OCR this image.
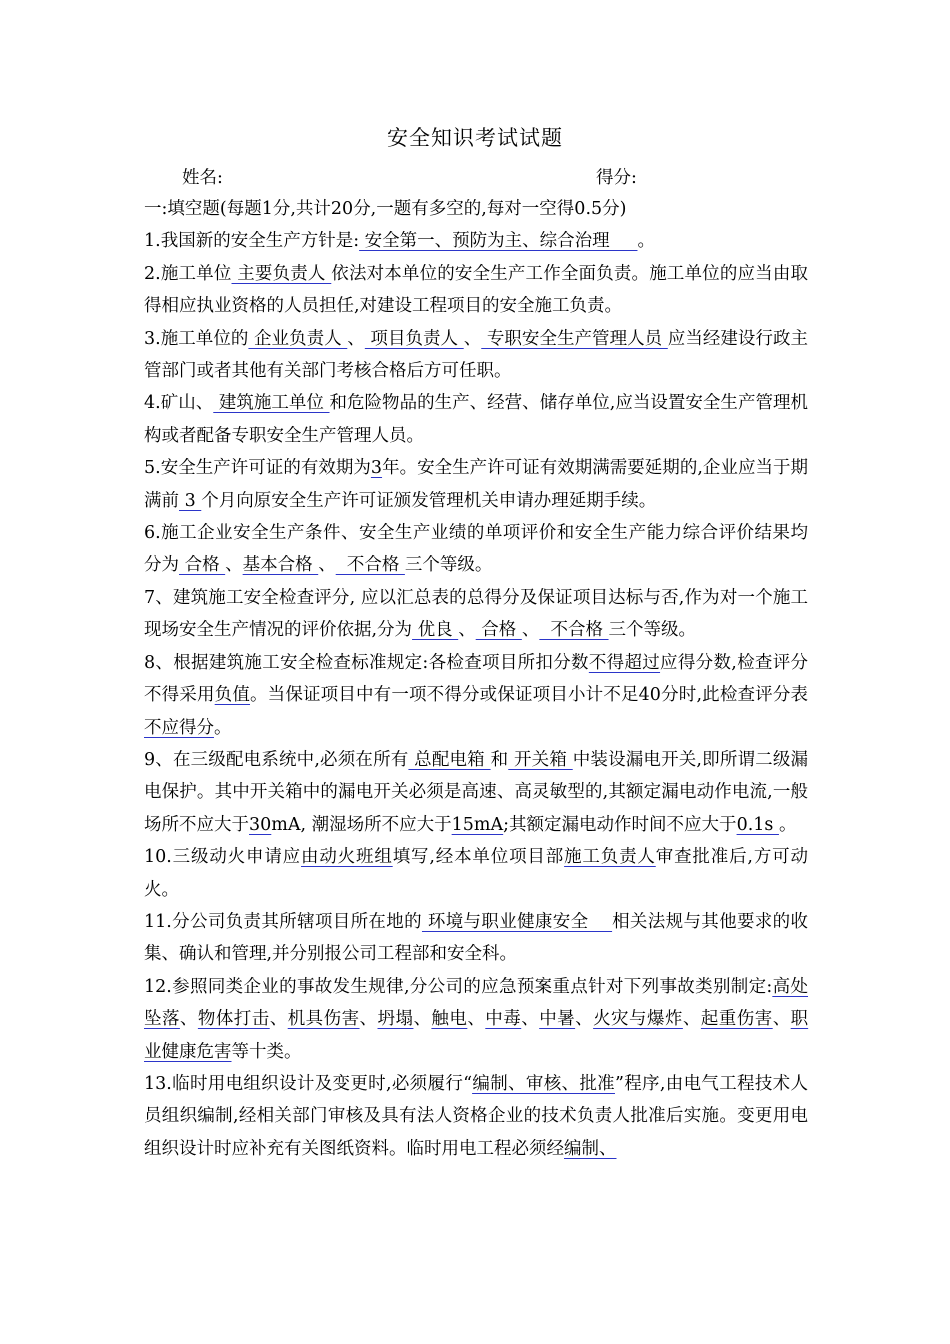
安全知识考试试题
姓名:	得分:

一:填空题(每题1分,共计20分,一题有多空的,每对一空得0.5分)

1.我国新的安全生产方针是: 安全第一、预防为主、综合治理     。

2.施工单位 主要负责人 依法对本单位的安全生产工作全面负责。施工单位的应当由取得相应执业资格的人员担任,对建设工程项目的安全施工负责。

3.施工单位的 企业负责人 、 项目负责人 、 专职安全生产管理人员 应当经建设行政主管部门或者其他有关部门考核合格后方可任职。

4.矿山、 建筑施工单位 和危险物品的生产、经营、储存单位,应当设置安全生产管理机构或者配备专职安全生产管理人员。

5.安全生产许可证的有效期为3年。安全生产许可证有效期满需要延期的,企业应当于期满前 3 个月向原安全生产许可证颁发管理机关申请办理延期手续。

6.施工企业安全生产条件、安全生产业绩的单项评价和安全生产能力综合评价结果均分为 合格 、基本合格 、  不合格 三个等级。

7、建筑施工安全检查评分, 应以汇总表的总得分及保证项目达标与否,作为对一个施工现场安全生产情况的评价依据,分为 优良 、 合格 、  不合格 三个等级。

8、根据建筑施工安全检查标准规定:各检查项目所扣分数不得超过应得分数,检查评分不得采用负值。当保证项目中有一项不得分或保证项目小计不足40分时,此检查评分表不应得分。

9、在三级配电系统中,必须在所有 总配电箱 和 开关箱 中装设漏电开关,即所谓二级漏电保护。其中开关箱中的漏电开关必须是高速、高灵敏型的,其额定漏电动作电流,一般场所不应大于30mA, 潮湿场所不应大于15mA;其额定漏电动作时间不应大于0.1s 。

10.三级动火申请应由动火班组填写,经本单位项目部施工负责人审查批准后,方可动火。

11.分公司负责其所辖项目所在地的 环境与职业健康安全    相关法规与其他要求的收集、确认和管理,并分别报公司工程部和安全科。

12.参照同类企业的事故发生规律,分公司的应急预案重点针对下列事故类别制定:高处坠落、物体打击、机具伤害、坍塌、触电、中毒、中暑、火灾与爆炸、起重伤害、职业健康危害等十类。

13.临时用电组织设计及变更时,必须履行“编制、审核、批准”程序,由电气工程技术人员组织编制,经相关部门审核及具有法人资格企业的技术负责人批准后实施。变更用电组织设计时应补充有关图纸资料。临时用电工程必须经编制、
